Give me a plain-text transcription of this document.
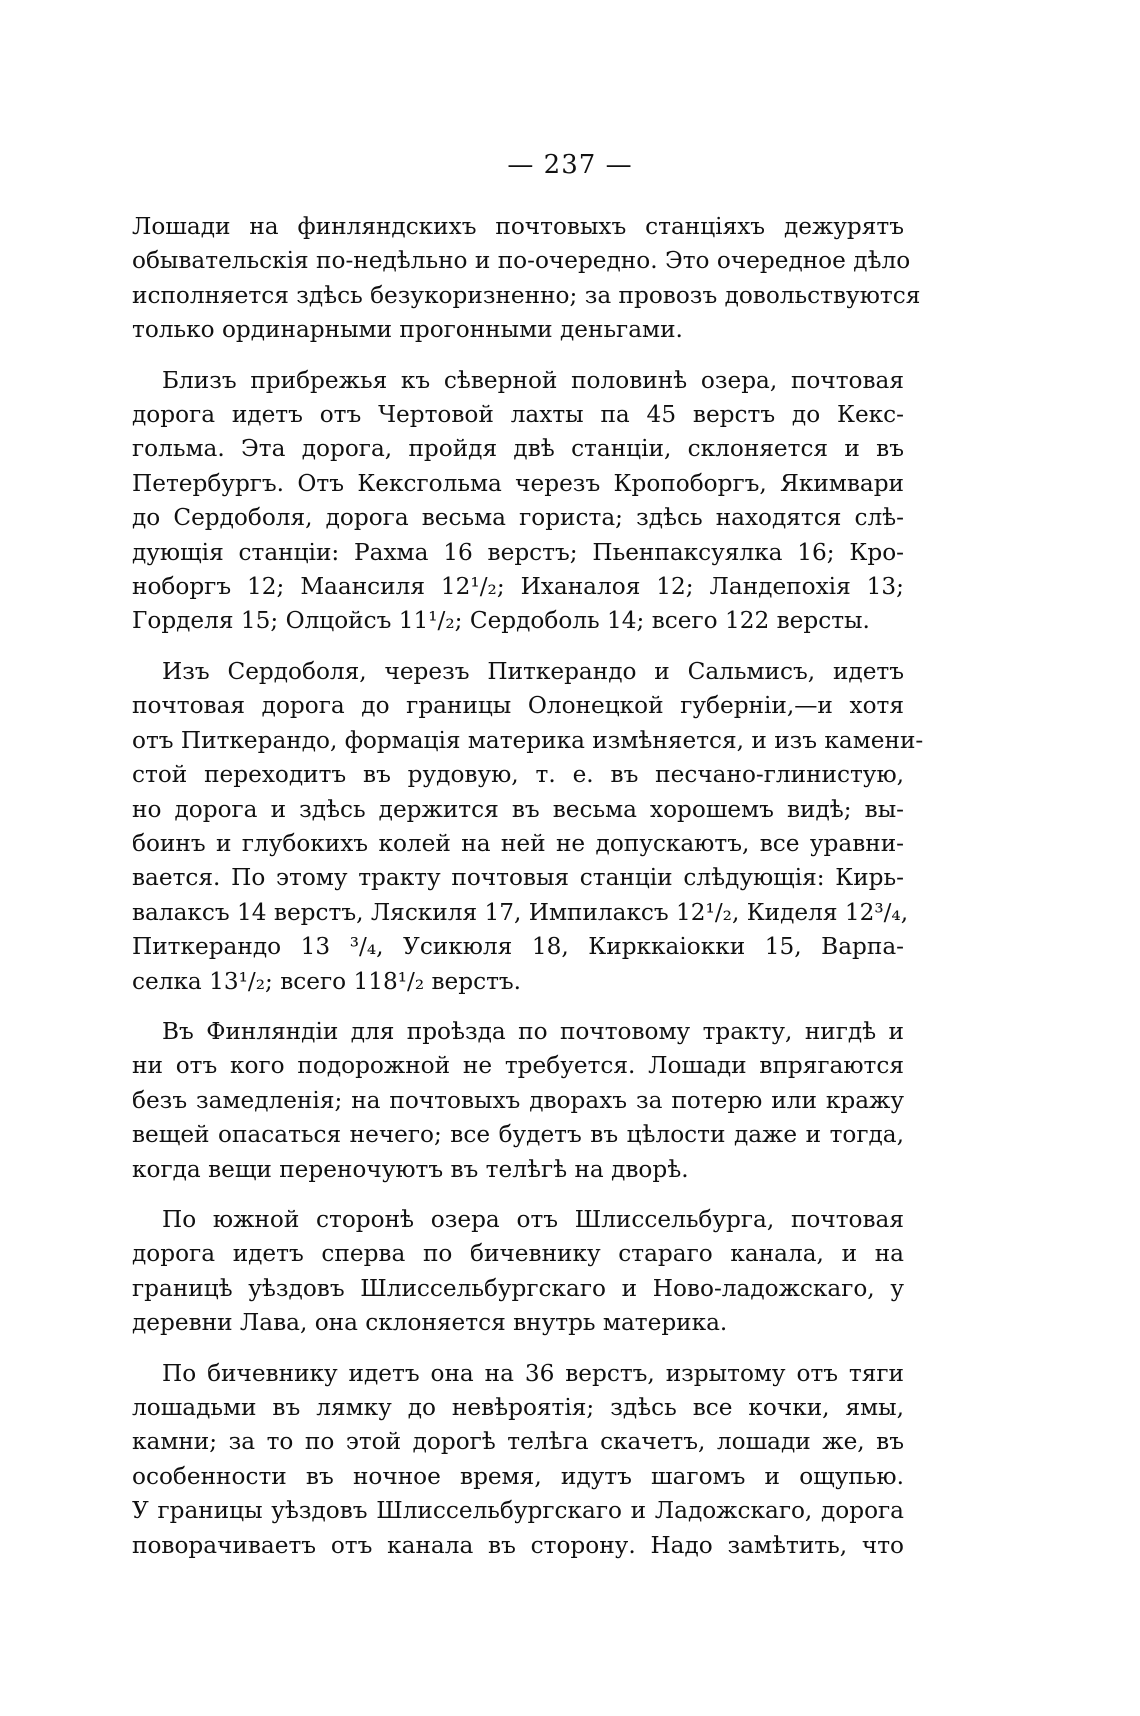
— 237 —
Лошади на финляндскихъ почтовыхъ станціяхъ дежурятъ
обывательскія по-недѣльно и по-очередно. Это очередное дѣло
исполняется здѣсь безукоризненно; за провозъ довольствуются
только ординарными прогонными деньгами.
Близъ прибрежья къ сѣверной половинѣ озера, почтовая
дорога идетъ отъ Чертовой лахты па 45 верстъ до Кекс-
гольма. Эта дорога, пройдя двѣ станціи, склоняется и въ
Петербургъ. Отъ Кексгольма черезъ Кропоборгъ, Якимвари
до Сердоболя, дорога весьма гориста; здѣсь находятся слѣ-
дующія станціи: Рахма 16 верстъ; Пьенпаксуялка 16; Кро-
ноборгъ 12; Маансиля 12¹/₂; Иханалоя 12; Ландепохія 13;
Горделя 15; Олцойсъ 11¹/₂; Сердоболь 14; всего 122 версты.
Изъ Сердоболя, черезъ Питкерандо и Сальмисъ, идетъ
почтовая дорога до границы Олонецкой губерніи,—и хотя
отъ Питкерандо, формація материка измѣняется, и изъ камени-
стой переходитъ въ рудовую, т. е. въ песчано-глинистую,
но дорога и здѣсь держится въ весьма хорошемъ видѣ; вы-
боинъ и глубокихъ колей на ней не допускаютъ, все уравни-
вается. По этому тракту почтовыя станціи слѣдующія: Кирь-
валаксъ 14 верстъ, Ляскиля 17, Импилаксъ 12¹/₂, Киделя 12³/₄,
Питкерандо 13 ³/₄, Усикюля 18, Кирккаіокки 15, Варпа-
селка 13¹/₂; всего 118¹/₂ верстъ.
Въ Финляндіи для проѣзда по почтовому тракту, нигдѣ и
ни отъ кого подорожной не требуется. Лошади впрягаются
безъ замедленія; на почтовыхъ дворахъ за потерю или кражу
вещей опасаться нечего; все будетъ въ цѣлости даже и тогда,
когда вещи переночуютъ въ телѣгѣ на дворѣ.
По южной сторонѣ озера отъ Шлиссельбурга, почтовая
дорога идетъ сперва по бичевнику стараго канала, и на
границѣ уѣздовъ Шлиссельбургскаго и Ново-ладожскаго, у
деревни Лава, она склоняется внутрь материка.
По бичевнику идетъ она на 36 верстъ, изрытому отъ тяги
лошадьми въ лямку до невѣроятія; здѣсь все кочки, ямы,
камни; за то по этой дорогѣ телѣга скачетъ, лошади же, въ
особенности въ ночное время, идутъ шагомъ и ощупью.
У границы уѣздовъ Шлиссельбургскаго и Ладожскаго, дорога
поворачиваетъ отъ канала въ сторону. Надо замѣтить, что
